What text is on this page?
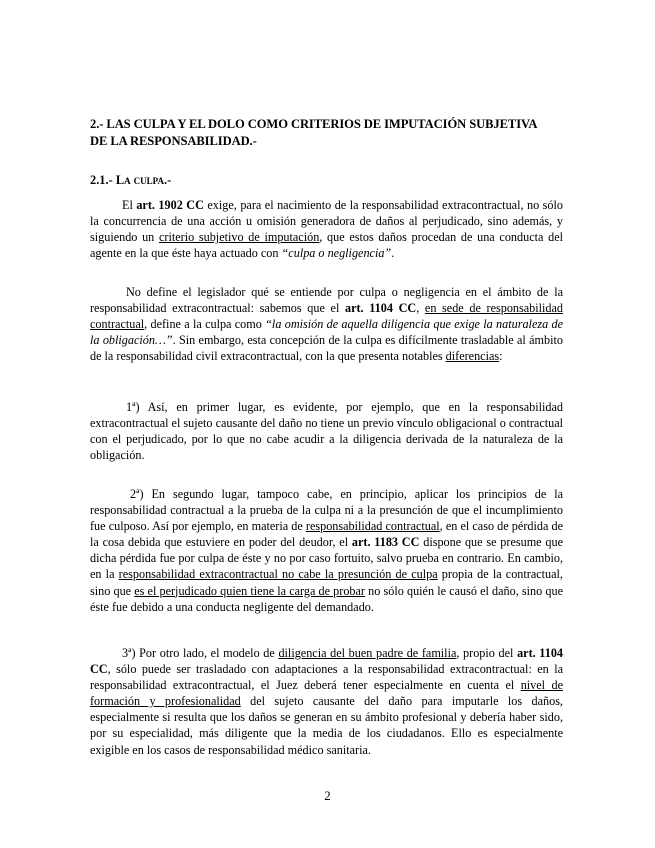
2.- LAS CULPA Y EL DOLO COMO CRITERIOS DE IMPUTACIÓN SUBJETIVA
DE LA RESPONSABILIDAD.-

2.1.- La culpa.-

El art. 1902 CC exige, para el nacimiento de la responsabilidad extracontractual, no sólo la concurrencia de una acción u omisión generadora de daños al perjudicado, sino además, y siguiendo un criterio subjetivo de imputación, que estos daños procedan de una conducta del agente en la que éste haya actuado con “culpa o negligencia”.

No define el legislador qué se entiende por culpa o negligencia en el ámbito de la responsabilidad extracontractual: sabemos que el art. 1104 CC, en sede de responsabilidad contractual, define a la culpa como “la omisión de aquella diligencia que exige la naturaleza de la obligación…”. Sin embargo, esta concepción de la culpa es difícilmente trasladable al ámbito de la responsabilidad civil extracontractual, con la que presenta notables diferencias:

1ª) Así, en primer lugar, es evidente, por ejemplo, que en la responsabilidad extracontractual el sujeto causante del daño no tiene un previo vínculo obligacional o contractual con el perjudicado, por lo que no cabe acudir a la diligencia derivada de la naturaleza de la obligación.

2ª) En segundo lugar, tampoco cabe, en principio, aplicar los principios de la responsabilidad contractual a la prueba de la culpa ni a la presunción de que el incumplimiento fue culposo. Así por ejemplo, en materia de responsabilidad contractual, en el caso de pérdida de la cosa debida que estuviere en poder del deudor, el art. 1183 CC dispone que se presume que dicha pérdida fue por culpa de éste y no por caso fortuito, salvo prueba en contrario. En cambio, en la responsabilidad extracontractual no cabe la presunción de culpa propia de la contractual, sino que es el perjudicado quien tiene la carga de probar no sólo quién le causó el daño, sino que éste fue debido a una conducta negligente del demandado.

3ª) Por otro lado, el modelo de diligencia del buen padre de familia, propio del art. 1104 CC, sólo puede ser trasladado con adaptaciones a la responsabilidad extracontractual: en la responsabilidad extracontractual, el Juez deberá tener especialmente en cuenta el nivel de formación y profesionalidad del sujeto causante del daño para imputarle los daños, especialmente si resulta que los daños se generan en su ámbito profesional y debería haber sido, por su especialidad, más diligente que la media de los ciudadanos. Ello es especialmente exigible en los casos de responsabilidad médico sanitaria.

2
